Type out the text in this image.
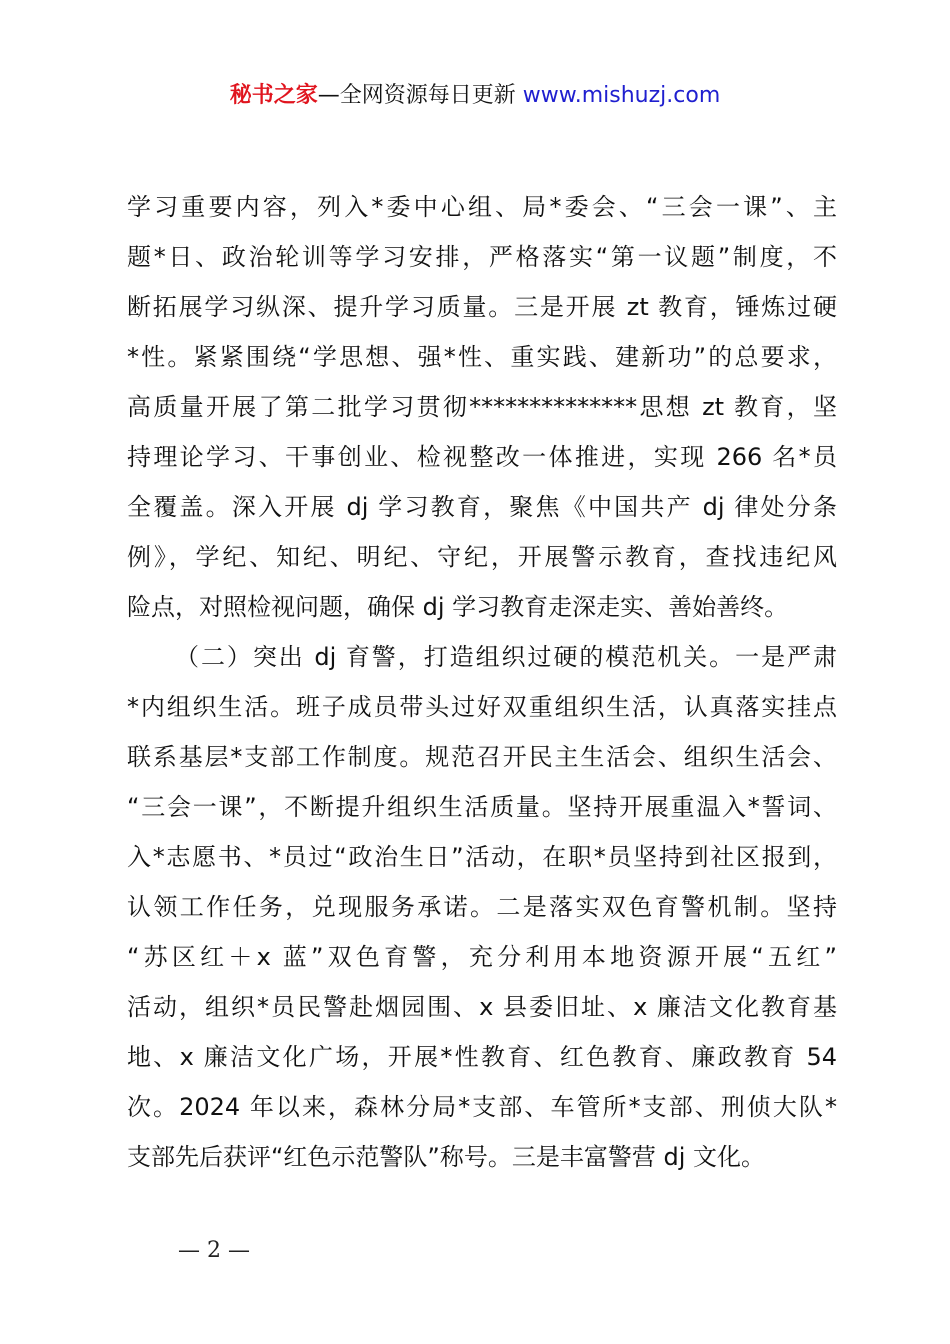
秘书之家—全网资源每日更新 www.mishuzj.com
学习重要内容，列入*委中心组、局*委会、“三会一课”、主
题*日、政治轮训等学习安排，严格落实“第一议题”制度，不
断拓展学习纵深、提升学习质量。三是开展 zt 教育，锤炼过硬
*性。紧紧围绕“学思想、强*性、重实践、建新功”的总要求，
高质量开展了第二批学习贯彻**************思想 zt 教育，坚
持理论学习、干事创业、检视整改一体推进，实现 266 名*员
全覆盖。深入开展 dj 学习教育，聚焦《中国共产 dj 律处分条
例》，学纪、知纪、明纪、守纪，开展警示教育，查找违纪风
险点，对照检视问题，确保 dj 学习教育走深走实、善始善终。
（二）突出 dj 育警，打造组织过硬的模范机关。一是严肃
*内组织生活。班子成员带头过好双重组织生活，认真落实挂点
联系基层*支部工作制度。规范召开民主生活会、组织生活会、
“三会一课”，不断提升组织生活质量。坚持开展重温入*誓词、
入*志愿书、*员过“政治生日”活动，在职*员坚持到社区报到，
认领工作任务，兑现服务承诺。二是落实双色育警机制。坚持
“苏区红＋x 蓝”双色育警，充分利用本地资源开展“五红”
活动，组织*员民警赴烟园围、x 县委旧址、x 廉洁文化教育基
地、x 廉洁文化广场，开展*性教育、红色教育、廉政教育 54
次。2024 年以来，森林分局*支部、车管所*支部、刑侦大队*
支部先后获评“红色示范警队”称号。三是丰富警营 dj 文化。
— 2 —
